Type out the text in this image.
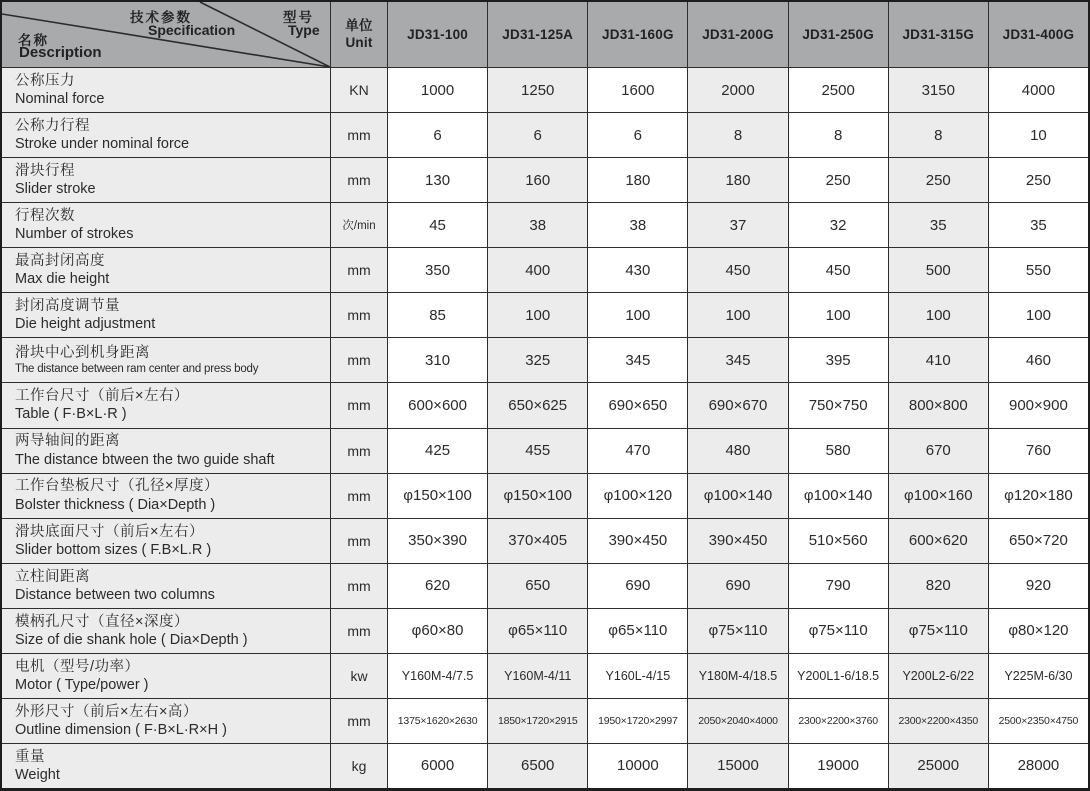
技术参数
Specification
型号
Type
名称
Description
单位
Unit	JD31-100	JD31-125A	JD31-160G	JD31-200G	JD31-250G	JD31-315G	JD31-400G
公称压力
Nominal force
KN	1000	1250	1600	2000	2500	3150	4000
公称力行程
Stroke under nominal force
mm	6	6	6	8	8	8	10
滑块行程
Slider stroke
mm	130	160	180	180	250	250	250
行程次数
Number of strokes	次/min	45	38	38	37	32	35	35
最高封闭高度
Max die height
mm	350	400	430	450	450	500	550
封闭高度调节量
Die height adjustment
mm	85	100	100	100	100	100	100
滑块中心到机身距离
The distance between ram center and press body
mm	310	325	345	345	395	410	460
工作台尺寸（前后×左右）
Table ( F·B×L·R )
mm	600×600	650×625	690×650	690×670	750×750	800×800	900×900
两导轴间的距离
The distance btween the two guide shaft
mm	425	455	470	480	580	670	760
工作台垫板尺寸（孔径×厚度）
Bolster thickness ( Dia×Depth )
mm	φ150×100	φ150×100	φ100×120	φ100×140	φ100×140	φ100×160	φ120×180
滑块底面尺寸（前后×左右）
Slider bottom sizes ( F.B×L.R )
mm	350×390	370×405	390×450	390×450	510×560	600×620	650×720
立柱间距离
Distance between two columns
mm	620	650	690	690	790	820	920
模柄孔尺寸（直径×深度）
Size of die shank hole ( Dia×Depth )
mm	φ60×80	φ65×110	φ65×110	φ75×110	φ75×110	φ75×110	φ80×120
电机（型号/功率）
Motor ( Type/power )
kw	Y160M-4/7.5	Y160M-4/11	Y160L-4/15	Y180M-4/18.5	Y200L1-6/18.5	Y200L2-6/22	Y225M-6/30
外形尺寸（前后×左右×高）
Outline dimension ( F·B×L·R×H )
mm	1375×1620×2630	1850×1720×2915	1950×1720×2997	2050×2040×4000	2300×2200×3760	2300×2200×4350	2500×2350×4750
重量
Weight
kg	6000	6500	10000	15000	19000	25000	28000
